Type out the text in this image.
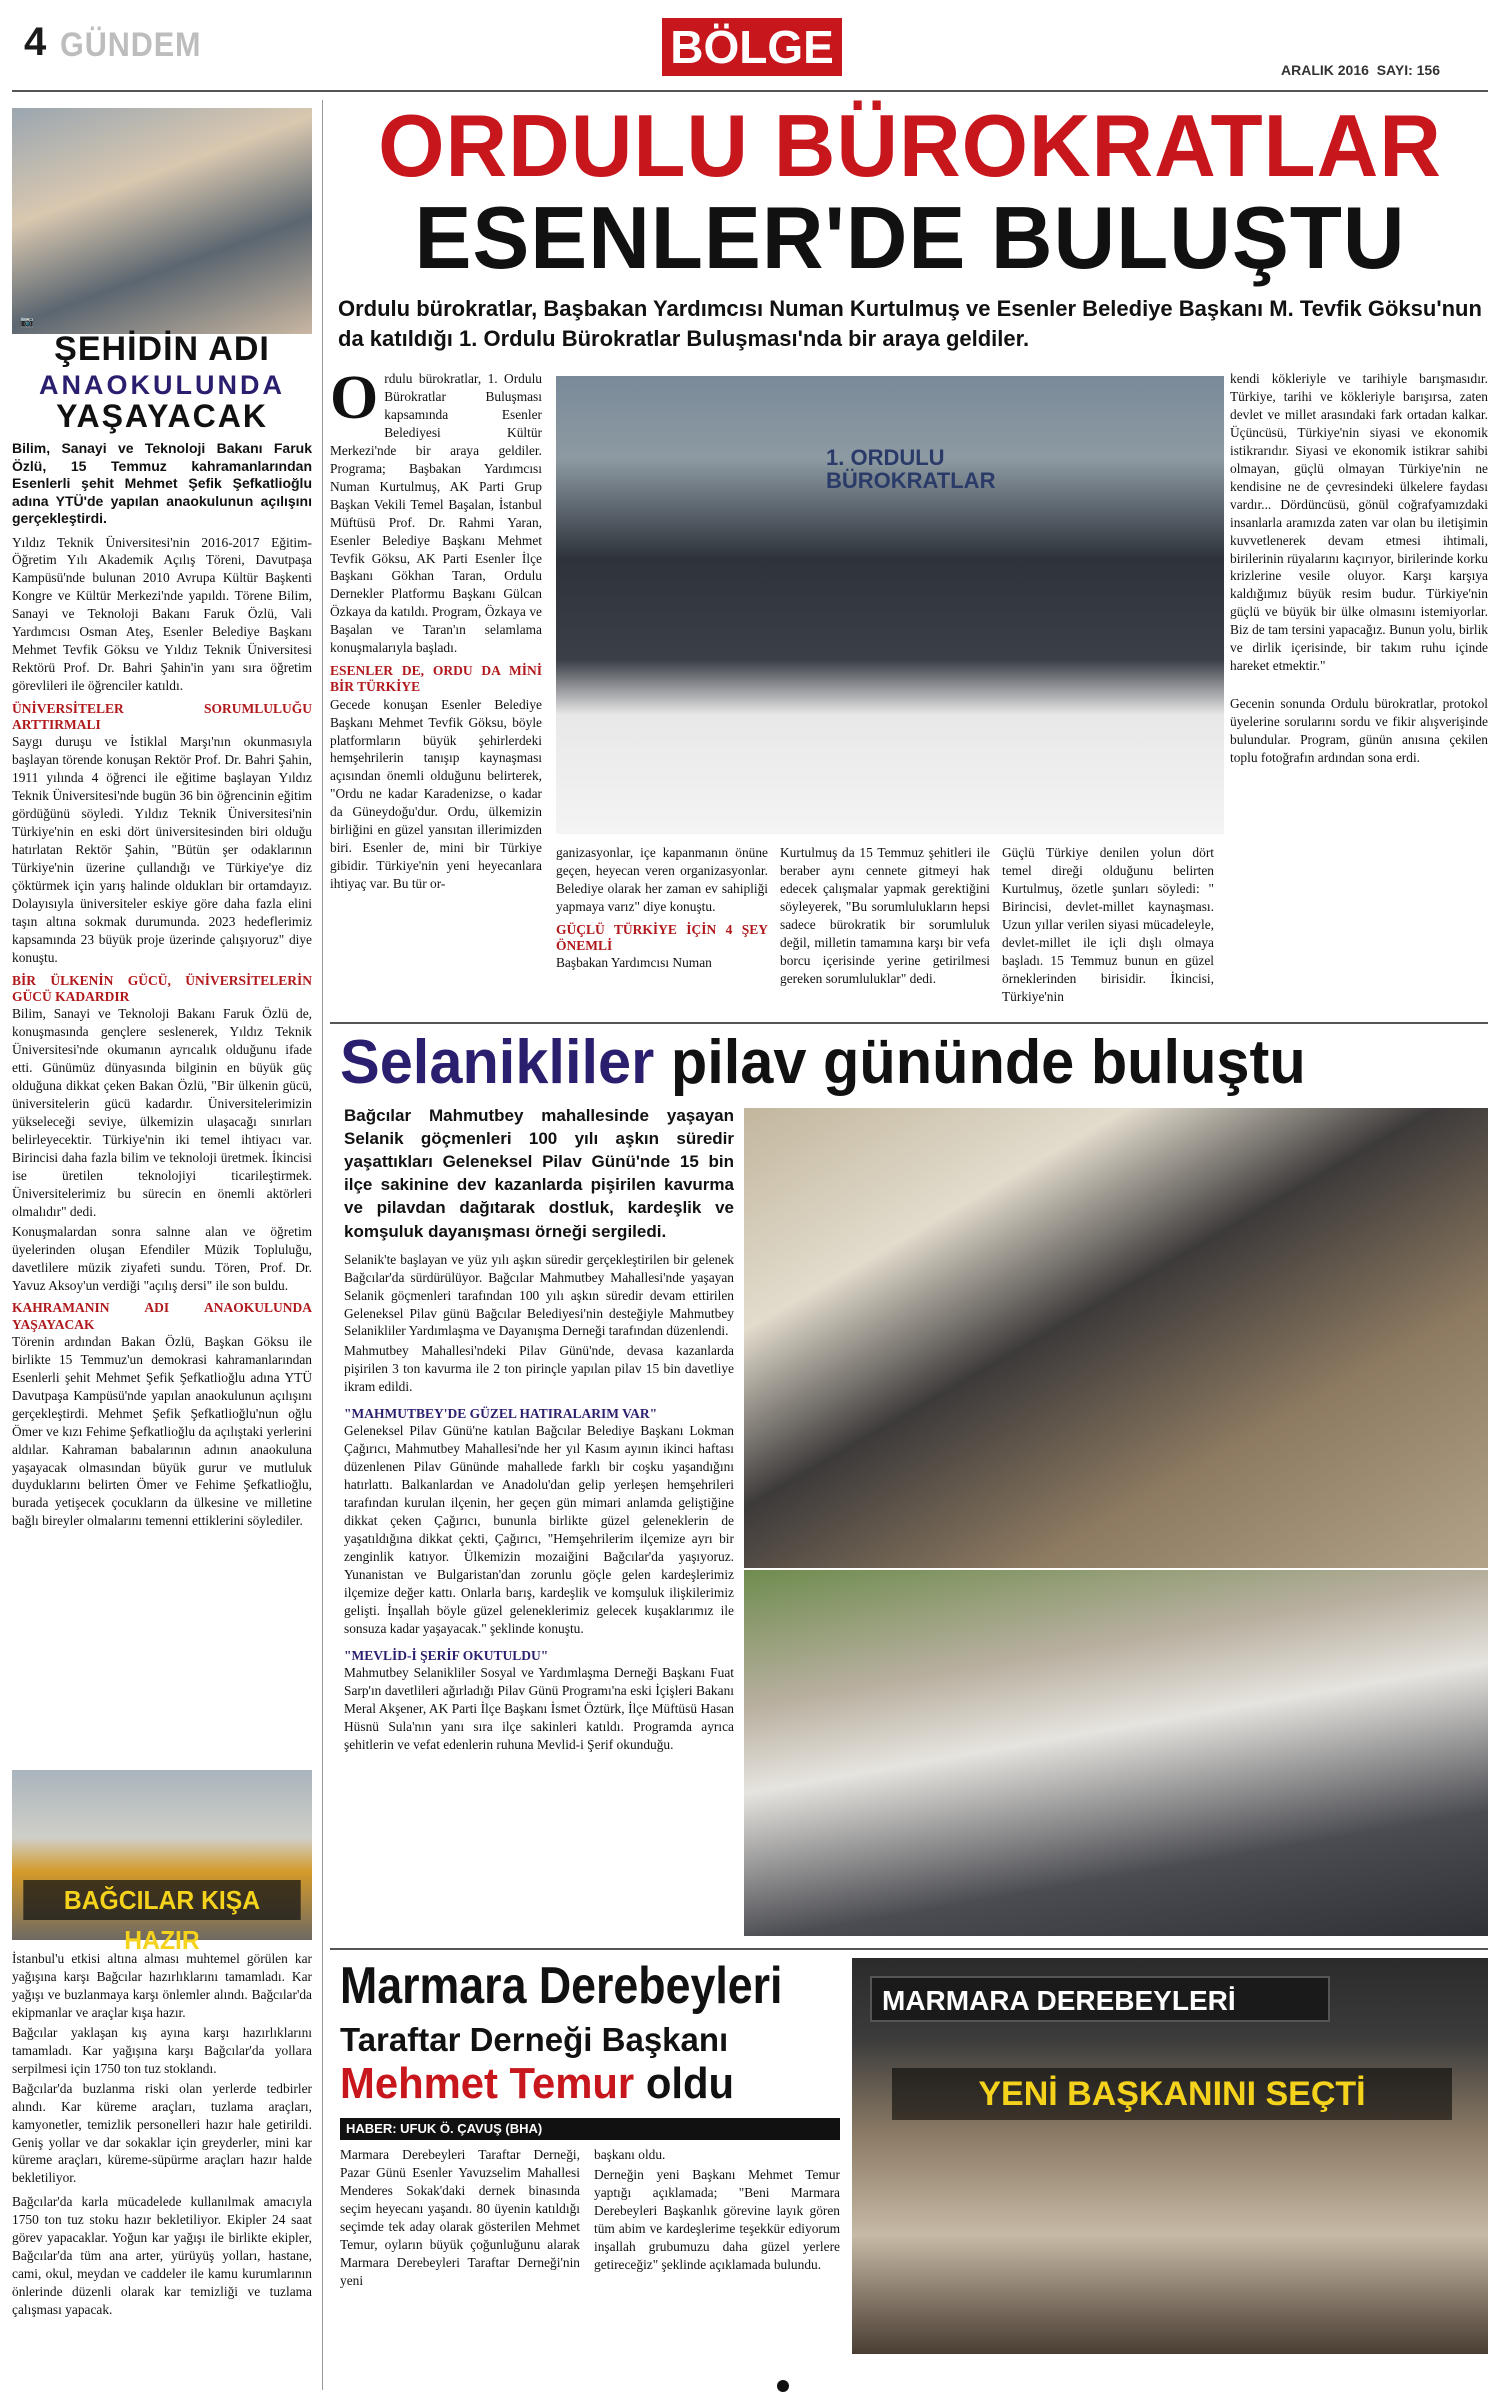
4 GÜNDEM	BÖLGE	ARALIK 2016  SAYI: 156
📷
ŞEHİDİN ADI
ANAOKULUNDA
YAŞAYACAK
Bilim, Sanayi ve Teknoloji Bakanı Faruk Özlü, 15 Temmuz kahramanlarından Esenlerli şehit Mehmet Şefik Şefkatlioğlu adına YTÜ'de yapılan anaokulunun açılışını gerçekleştirdi.

Yıldız Teknik Üniversitesi'nin 2016-2017 Eğitim-Öğretim Yılı Akademik Açılış Töreni, Davutpaşa Kampüsü'nde bulunan 2010 Avrupa Kültür Başkenti Kongre ve Kültür Merkezi'nde yapıldı. Törene Bilim, Sanayi ve Teknoloji Bakanı Faruk Özlü, Vali Yardımcısı Osman Ateş, Esenler Belediye Başkanı Mehmet Tevfik Göksu ve Yıldız Teknik Üniversitesi Rektörü Prof. Dr. Bahri Şahin'in yanı sıra öğretim görevlileri ile öğrenciler katıldı.

ÜNİVERSİTELER SORUMLULUĞU ARTTIRMALI

Saygı duruşu ve İstiklal Marşı'nın okunmasıyla başlayan törende konuşan Rektör Prof. Dr. Bahri Şahin, 1911 yılında 4 öğrenci ile eğitime başlayan Yıldız Teknik Üniversitesi'nde bugün 36 bin öğrencinin eğitim gördüğünü söyledi. Yıldız Teknik Üniversitesi'nin Türkiye'nin en eski dört üniversitesinden biri olduğu hatırlatan Rektör Şahin, "Bütün şer odaklarının Türkiye'nin üzerine çullandığı ve Türkiye'ye diz çöktürmek için yarış halinde oldukları bir ortamdayız. Dolayısıyla üniversiteler eskiye göre daha fazla elini taşın altına sokmak durumunda. 2023 hedeflerimiz kapsamında 23 büyük proje üzerinde çalışıyoruz" diye konuştu.

BİR ÜLKENİN GÜCÜ, ÜNİVERSİTELERİN GÜCÜ KADARDIR

Bilim, Sanayi ve Teknoloji Bakanı Faruk Özlü de, konuşmasında gençlere seslenerek, Yıldız Teknik Üniversitesi'nde okumanın ayrıcalık olduğunu ifade etti. Günümüz dünyasında bilginin en büyük güç olduğuna dikkat çeken Bakan Özlü, "Bir ülkenin gücü, üniversitelerin gücü kadardır. Üniversitelerimizin yükseleceği seviye, ülkemizin ulaşacağı sınırları belirleyecektir. Türkiye'nin iki temel ihtiyacı var. Birincisi daha fazla bilim ve teknoloji üretmek. İkincisi ise üretilen teknolojiyi ticarileştirmek. Üniversitelerimiz bu sürecin en önemli aktörleri olmalıdır" dedi.

Konuşmalardan sonra salnne alan ve öğretim üyelerinden oluşan Efendiler Müzik Topluluğu, davetlilere müzik ziyafeti sundu. Tören, Prof. Dr. Yavuz Aksoy'un verdiği "açılış dersi" ile son buldu.

KAHRAMANIN ADI ANAOKULUNDA YAŞAYACAK

Törenin ardından Bakan Özlü, Başkan Göksu ile birlikte 15 Temmuz'un demokrasi kahramanlarından Esenlerli şehit Mehmet Şefik Şefkatlioğlu adına YTÜ Davutpaşa Kampüsü'nde yapılan anaokulunun açılışını gerçekleştirdi. Mehmet Şefik Şefkatlioğlu'nun oğlu Ömer ve kızı Fehime Şefkatlioğlu da açılıştaki yerlerini aldılar. Kahraman babalarının adının anaokuluna yaşayacak olmasından büyük gurur ve mutluluk duyduklarını belirten Ömer ve Fehime Şefkatlioğlu, burada yetişecek çocukların da ülkesine ve milletine bağlı bireyler olmalarını temenni ettiklerini söylediler.

BAĞCILAR KIŞA HAZIR

İstanbul'u etkisi altına alması muhtemel görülen kar yağışına karşı Bağcılar hazırlıklarını tamamladı. Kar yağışı ve buzlanmaya karşı önlemler alındı. Bağcılar'da ekipmanlar ve araçlar kışa hazır.

Bağcılar yaklaşan kış ayına karşı hazırlıklarını tamamladı. Kar yağışına karşı Bağcılar'da yollara serpilmesi için 1750 ton tuz stoklandı.

Bağcılar'da buzlanma riski olan yerlerde tedbirler alındı. Kar küreme araçları, tuzlama araçları, kamyonetler, temizlik personelleri hazır hale getirildi. Geniş yollar ve dar sokaklar için greyderler, mini kar küreme araçları, küreme-süpürme araçları hazır halde bekletiliyor.

Bağcılar'da karla mücadelede kullanılmak amacıyla 1750 ton tuz stoku hazır bekletiliyor. Ekipler 24 saat görev yapacaklar. Yoğun kar yağışı ile birlikte ekipler, Bağcılar'da tüm ana arter, yürüyüş yolları, hastane, cami, okul, meydan ve caddeler ile kamu kurumlarının önlerinde düzenli olarak kar temizliği ve tuzlama çalışması yapacak.

ORDULU BÜROKRATLAR
ESENLER'DE BULUŞTU
Ordulu bürokratlar, Başbakan Yardımcısı Numan Kurtulmuş ve Esenler Belediye Başkanı M. Tevfik Göksu'nun da katıldığı 1. Ordulu Bürokratlar Buluşması'nda bir araya geldiler.
O rdulu bürokratlar, 1. Ordulu Bürokratlar Buluşması kapsamında Esenler Belediyesi Kültür Merkezi'nde bir araya geldiler. Programa; Başbakan Yardımcısı Numan Kurtulmuş, AK Parti Grup Başkan Vekili Temel Başalan, İstanbul Müftüsü Prof. Dr. Rahmi Yaran, Esenler Belediye Başkanı Mehmet Tevfik Göksu, AK Parti Esenler İlçe Başkanı Gökhan Taran, Ordulu Dernekler Platformu Başkanı Gülcan Özkaya da katıldı. Program, Özkaya ve Başalan ve Taran'ın selamlama konuşmalarıyla başladı.

ESENLER DE, ORDU DA MİNİ BİR TÜRKİYE

Gecede konuşan Esenler Belediye Başkanı Mehmet Tevfik Göksu, böyle platformların büyük şehirlerdeki hemşehrilerin tanışıp kaynaşması açısından önemli olduğunu belirterek, "Ordu ne kadar Karadenizse, o kadar da Güneydoğu'dur. Ordu, ülkemizin birliğini en güzel yansıtan illerimizden biri. Esenler de, mini bir Türkiye gibidir. Türkiye'nin yeni heyecanlara ihtiyaç var. Bu tür or-

1. ORDULU BÜROKRATLAR

ganizasyonlar, içe kapanmanın önüne geçen, heyecan veren organizasyonlar. Belediye olarak her zaman ev sahipliği yapmaya varız" diye konuştu.

GÜÇLÜ TÜRKİYE İÇİN 4 ŞEY ÖNEMLİ

Başbakan Yardımcısı Numan

Kurtulmuş da 15 Temmuz şehitleri ile beraber aynı cennete gitmeyi hak edecek çalışmalar yapmak gerektiğini söyleyerek, "Bu sorumlulukların hepsi sadece bürokratik bir sorumluluk değil, milletin tamamına karşı bir vefa borcu içerisinde yerine getirilmesi gereken sorumluluklar" dedi.

Güçlü Türkiye denilen yolun dört temel direği olduğunu belirten Kurtulmuş, özetle şunları söyledi: " Birincisi, devlet-millet kaynaşması. Uzun yıllar verilen siyasi mücadeleyle, devlet-millet ile içli dışlı olmaya başladı. 15 Temmuz bunun en güzel örneklerinden birisidir. İkincisi, Türkiye'nin

kendi kökleriyle ve tarihiyle barışmasıdır. Türkiye, tarihi ve kökleriyle barışırsa, zaten devlet ve millet arasındaki fark ortadan kalkar. Üçüncüsü, Türkiye'nin siyasi ve ekonomik istikrarıdır. Siyasi ve ekonomik istikrar sahibi olmayan, güçlü olmayan Türkiye'nin ne kendisine ne de çevresindeki ülkelere faydası vardır... Dördüncüsü, gönül coğrafyamızdaki insanlarla aramızda zaten var olan bu iletişimin kuvvetlenerek devam etmesi ihtimali, birilerinin rüyalarını kaçırıyor, birilerinde korku krizlerine vesile oluyor. Karşı karşıya kaldığımız büyük resim budur. Türkiye'nin güçlü ve büyük bir ülke olmasını istemiyorlar. Biz de tam tersini yapacağız. Bunun yolu, birlik ve dirlik içerisinde, bir takım ruhu içinde hareket etmektir."

Gecenin sonunda Ordulu bürokratlar, protokol üyelerine sorularını sordu ve fikir alışverişinde bulundular. Program, günün anısına çekilen toplu fotoğrafın ardından sona erdi.

Selanikliler pilav gününde buluştu
Bağcılar Mahmutbey mahallesinde yaşayan Selanik göçmenleri 100 yılı aşkın süredir yaşattıkları Geleneksel Pilav Günü'nde 15 bin ilçe sakinine dev kazanlarda pişirilen kavurma ve pilavdan dağıtarak dostluk, kardeşlik ve komşuluk dayanışması örneği sergiledi.

Selanik'te başlayan ve yüz yılı aşkın süredir gerçekleştirilen bir gelenek Bağcılar'da sürdürülüyor. Bağcılar Mahmutbey Mahallesi'nde yaşayan Selanik göçmenleri tarafından 100 yılı aşkın süredir devam ettirilen Geleneksel Pilav günü Bağcılar Belediyesi'nin desteğiyle Mahmutbey Selanikliler Yardımlaşma ve Dayanışma Derneği tarafından düzenlendi.

Mahmutbey Mahallesi'ndeki Pilav Günü'nde, devasa kazanlarda pişirilen 3 ton kavurma ile 2 ton pirinçle yapılan pilav 15 bin davetliye ikram edildi.

"MAHMUTBEY'DE GÜZEL HATIRALARIM VAR"

Geleneksel Pilav Günü'ne katılan Bağcılar Belediye Başkanı Lokman Çağırıcı, Mahmutbey Mahallesi'nde her yıl Kasım ayının ikinci haftası düzenlenen Pilav Gününde mahallede farklı bir coşku yaşandığını hatırlattı. Balkanlardan ve Anadolu'dan gelip yerleşen hemşehrileri tarafından kurulan ilçenin, her geçen gün mimari anlamda geliştiğine dikkat çeken Çağırıcı, bununla birlikte güzel geleneklerin de yaşatıldığına dikkat çekti, Çağırıcı, "Hemşehrilerim ilçemize ayrı bir zenginlik katıyor. Ülkemizin mozaiğini Bağcılar'da yaşıyoruz. Yunanistan ve Bulgaristan'dan zorunlu göçle gelen kardeşlerimiz ilçemize değer kattı. Onlarla barış, kardeşlik ve komşuluk ilişkilerimiz gelişti. İnşallah böyle güzel geleneklerimiz gelecek kuşaklarımız ile sonsuza kadar yaşayacak." şeklinde konuştu.

"MEVLİD-İ ŞERİF OKUTULDU"

Mahmutbey Selanikliler Sosyal ve Yardımlaşma Derneği Başkanı Fuat Sarp'ın davetlileri ağırladığı Pilav Günü Programı'na eski İçişleri Bakanı Meral Akşener, AK Parti İlçe Başkanı İsmet Öztürk, İlçe Müftüsü Hasan Hüsnü Sula'nın yanı sıra ilçe sakinleri katıldı. Programda ayrıca şehitlerin ve vefat edenlerin ruhuna Mevlid-i Şerif okunduğu.

Marmara Derebeyleri
Taraftar Derneği Başkanı
Mehmet Temur oldu
HABER: UFUK Ö. ÇAVUŞ (BHA)

Marmara Derebeyleri Taraftar Derneği, Pazar Günü Esenler Yavuzselim Mahallesi Menderes Sokak'daki dernek binasında seçim heyecanı yaşandı. 80 üyenin katıldığı seçimde tek aday olarak gösterilen Mehmet Temur, oyların büyük çoğunluğunu alarak Marmara Derebeyleri Taraftar Derneği'nin yeni

başkanı oldu.

Derneğin yeni Başkanı Mehmet Temur yaptığı açıklamada; "Beni Marmara Derebeyleri Başkanlık görevine layık gören tüm abim ve kardeşlerime teşekkür ediyorum inşallah grubumuzu daha güzel yerlere getireceğiz" şeklinde açıklamada bulundu.

MARMARA DEREBEYLERİ
YENİ BAŞKANINI SEÇTİ
